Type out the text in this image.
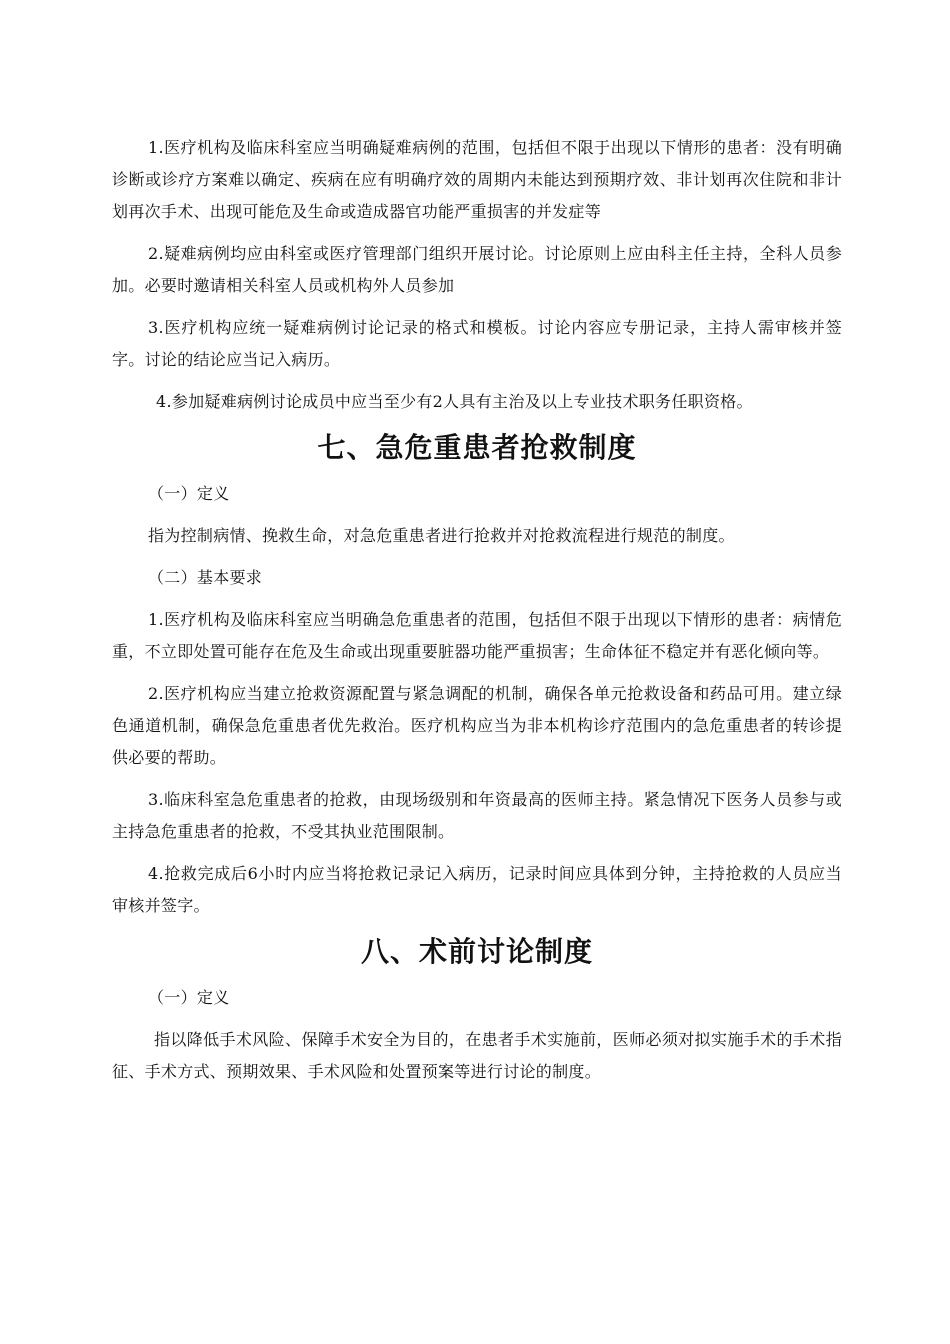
1.医疗机构及临床科室应当明确疑难病例的范围，包括但不限于出现以下情形的患者：没有明确诊断或诊疗方案难以确定、疾病在应有明确疗效的周期内未能达到预期疗效、非计划再次住院和非计划再次手术、出现可能危及生命或造成器官功能严重损害的并发症等

2.疑难病例均应由科室或医疗管理部门组织开展讨论。讨论原则上应由科主任主持，全科人员参加。必要时邀请相关科室人员或机构外人员参加

3.医疗机构应统一疑难病例讨论记录的格式和模板。讨论内容应专册记录，主持人需审核并签字。讨论的结论应当记入病历。

4.参加疑难病例讨论成员中应当至少有2人具有主治及以上专业技术职务任职资格。

七、急危重患者抢救制度

（一）定义

指为控制病情、挽救生命，对急危重患者进行抢救并对抢救流程进行规范的制度。

（二）基本要求

1.医疗机构及临床科室应当明确急危重患者的范围，包括但不限于出现以下情形的患者：病情危重，不立即处置可能存在危及生命或出现重要脏器功能严重损害；生命体征不稳定并有恶化倾向等。

2.医疗机构应当建立抢救资源配置与紧急调配的机制，确保各单元抢救设备和药品可用。建立绿色通道机制，确保急危重患者优先救治。医疗机构应当为非本机构诊疗范围内的急危重患者的转诊提供必要的帮助。

3.临床科室急危重患者的抢救，由现场级别和年资最高的医师主持。紧急情况下医务人员参与或主持急危重患者的抢救，不受其执业范围限制。

4.抢救完成后6小时内应当将抢救记录记入病历，记录时间应具体到分钟，主持抢救的人员应当审核并签字。

八、术前讨论制度

（一）定义

指以降低手术风险、保障手术安全为目的，在患者手术实施前，医师必须对拟实施手术的手术指征、手术方式、预期效果、手术风险和处置预案等进行讨论的制度。
